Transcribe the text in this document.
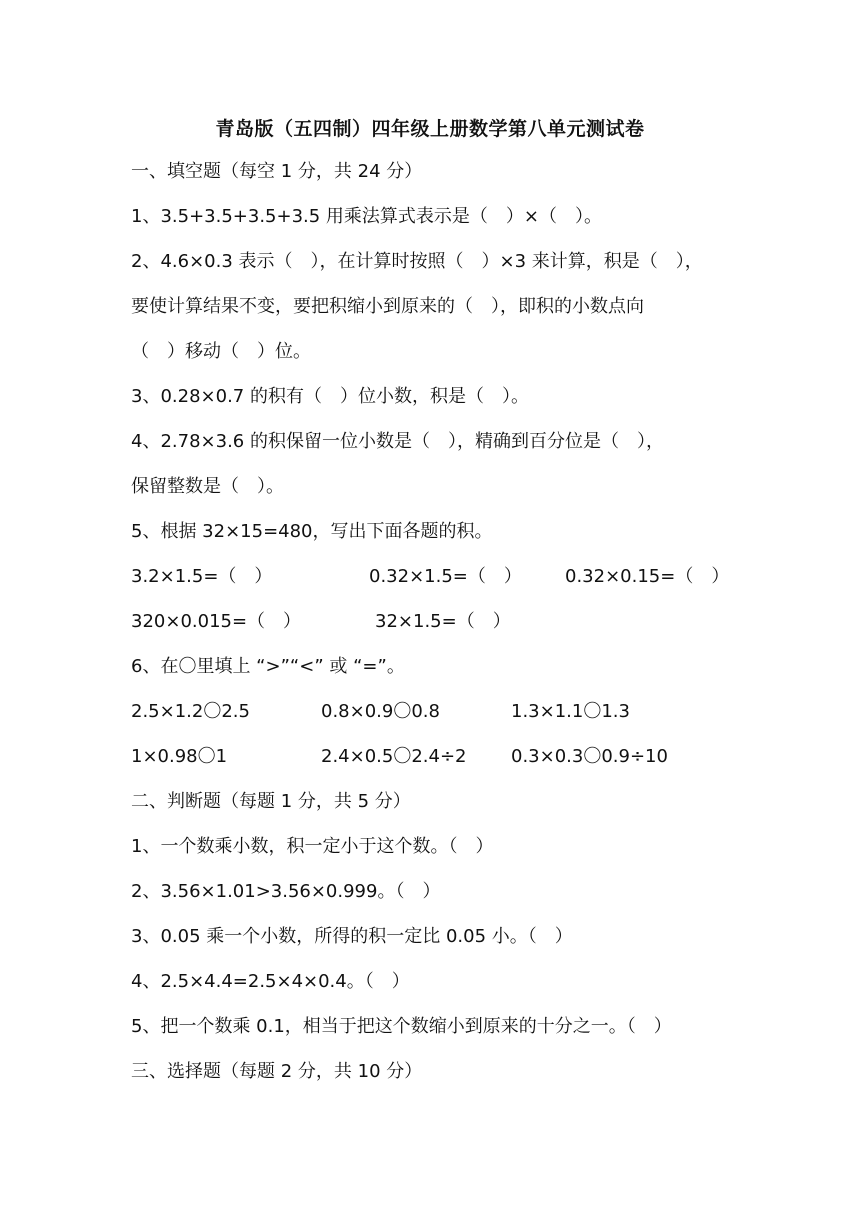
青岛版（五四制）四年级上册数学第八单元测试卷
一、填空题（每空 1 分，共 24 分）
1、3.5+3.5+3.5+3.5 用乘法算式表示是（　）×（　）。
2、4.6×0.3 表示（　），在计算时按照（　）×3 来计算，积是（　），
要使计算结果不变，要把积缩小到原来的（　），即积的小数点向
（　）移动（　）位。
3、0.28×0.7 的积有（　）位小数，积是（　）。
4、2.78×3.6 的积保留一位小数是（　），精确到百分位是（　），
保留整数是（　）。
5、根据 32×15=480，写出下面各题的积。
3.2×1.5=（　）	0.32×1.5=（　） 0.32×0.15=（　）
320×0.015=（　）	32×1.5=（　）
6、在〇里填上 “>”“<” 或 “=”。
2.5×1.2〇2.5	0.8×0.9〇0.8	1.3×1.1〇1.3
1×0.98〇1	2.4×0.5〇2.4÷2 0.3×0.3〇0.9÷10
二、判断题（每题 1 分，共 5 分）
1、一个数乘小数，积一定小于这个数。（　）
2、3.56×1.01>3.56×0.999。（　）
3、0.05 乘一个小数，所得的积一定比 0.05 小。（　）
4、2.5×4.4=2.5×4×0.4。（　）
5、把一个数乘 0.1，相当于把这个数缩小到原来的十分之一。（　）
三、选择题（每题 2 分，共 10 分）
